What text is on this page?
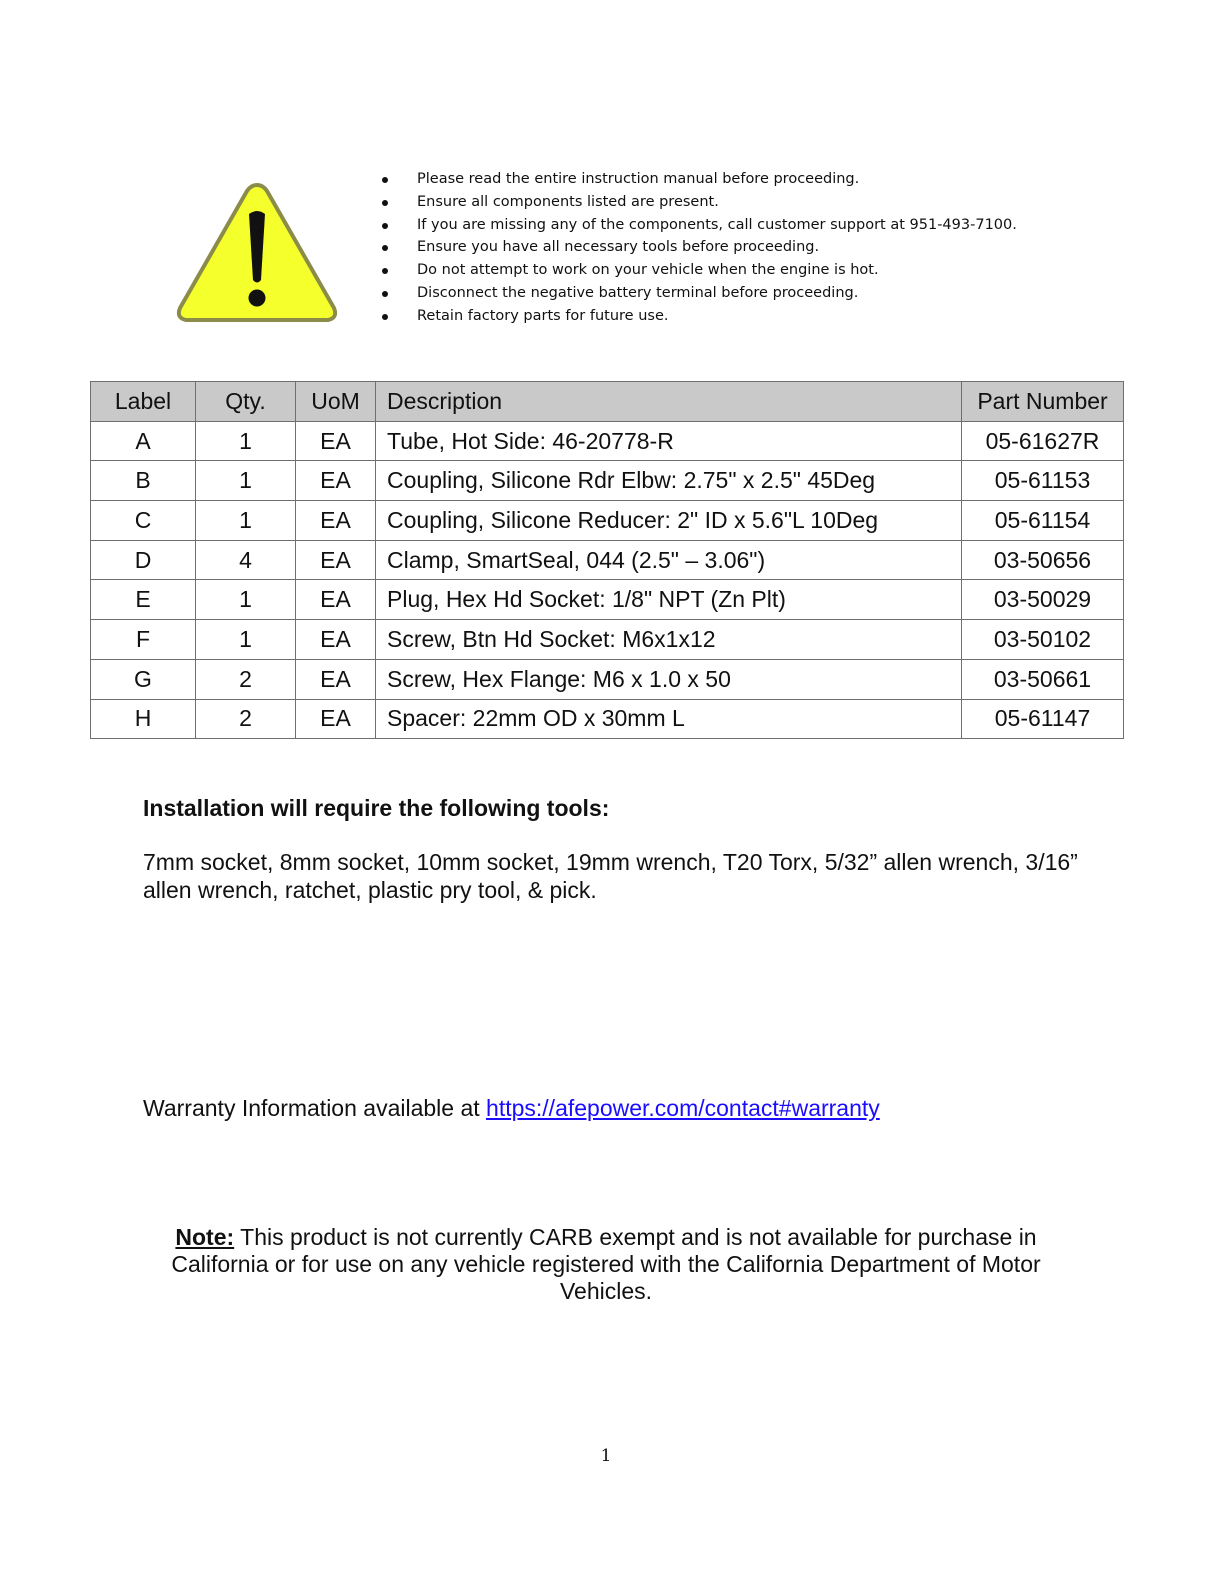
Please read the entire instruction manual before proceeding.
Ensure all components listed are present.
If you are missing any of the components, call customer support at 951-493-7100.
Ensure you have all necessary tools before proceeding.
Do not attempt to work on your vehicle when the engine is hot.
Disconnect the negative battery terminal before proceeding.
Retain factory parts for future use.
Label	Qty.	UoM	Description	Part Number
A	1	EA	Tube, Hot Side: 46-20778-R	05-61627R
B	1	EA	Coupling, Silicone Rdr Elbw: 2.75" x 2.5" 45Deg	05-61153
C	1	EA	Coupling, Silicone Reducer: 2" ID x 5.6"L 10Deg	05-61154
D	4	EA	Clamp, SmartSeal, 044 (2.5" – 3.06")	03-50656
E	1	EA	Plug, Hex Hd Socket: 1/8" NPT (Zn Plt)	03-50029
F	1	EA	Screw, Btn Hd Socket: M6x1x12	03-50102
G	2	EA	Screw, Hex Flange: M6 x 1.0 x 50	03-50661
H	2	EA	Spacer: 22mm OD x 30mm L	05-61147

Installation will require the following tools:

7mm socket, 8mm socket, 10mm socket, 19mm wrench, T20 Torx, 5/32” allen wrench, 3/16” allen wrench, ratchet, plastic pry tool, & pick.

Warranty Information available at https://afepower.com/contact#warranty

Note: This product is not currently CARB exempt and is not available for purchase in California or for use on any vehicle registered with the California Department of Motor Vehicles.

1
